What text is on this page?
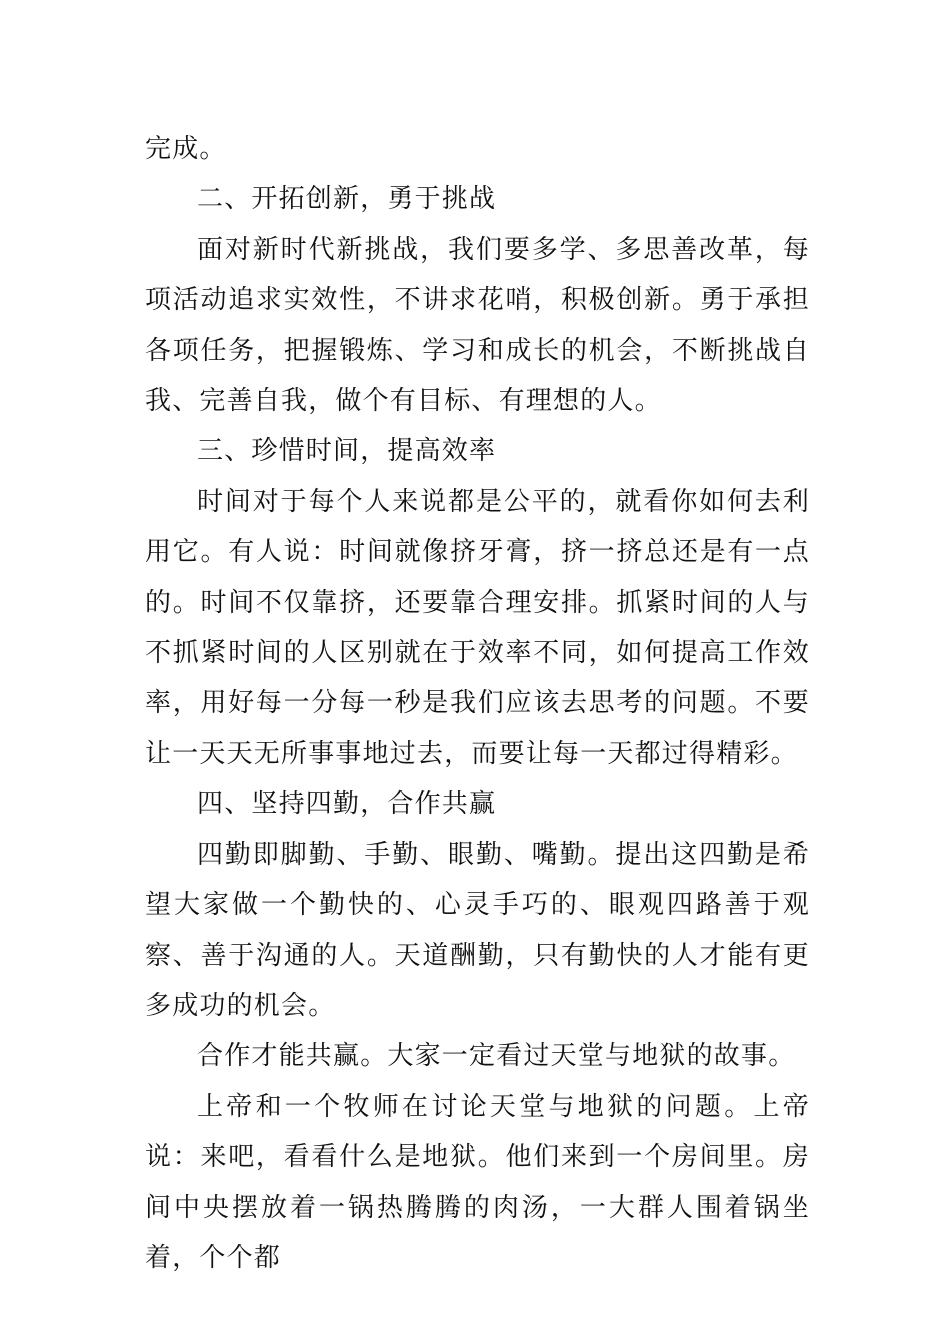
完成。

二、开拓创新，勇于挑战

面对新时代新挑战，我们要多学、多思善改革，每项活动追求实效性，不讲求花哨，积极创新。勇于承担各项任务，把握锻炼、学习和成长的机会，不断挑战自我、完善自我，做个有目标、有理想的人。

三、珍惜时间，提高效率

时间对于每个人来说都是公平的，就看你如何去利用它。有人说：时间就像挤牙膏，挤一挤总还是有一点的。时间不仅靠挤，还要靠合理安排。抓紧时间的人与不抓紧时间的人区别就在于效率不同，如何提高工作效率，用好每一分每一秒是我们应该去思考的问题。不要让一天天无所事事地过去，而要让每一天都过得精彩。

四、坚持四勤，合作共赢

四勤即脚勤、手勤、眼勤、嘴勤。提出这四勤是希望大家做一个勤快的、心灵手巧的、眼观四路善于观察、善于沟通的人。天道酬勤，只有勤快的人才能有更多成功的机会。

合作才能共赢。大家一定看过天堂与地狱的故事。

上帝和一个牧师在讨论天堂与地狱的问题。上帝说：来吧，看看什么是地狱。他们来到一个房间里。房间中央摆放着一锅热腾腾的肉汤，一大群人围着锅坐着，个个都
